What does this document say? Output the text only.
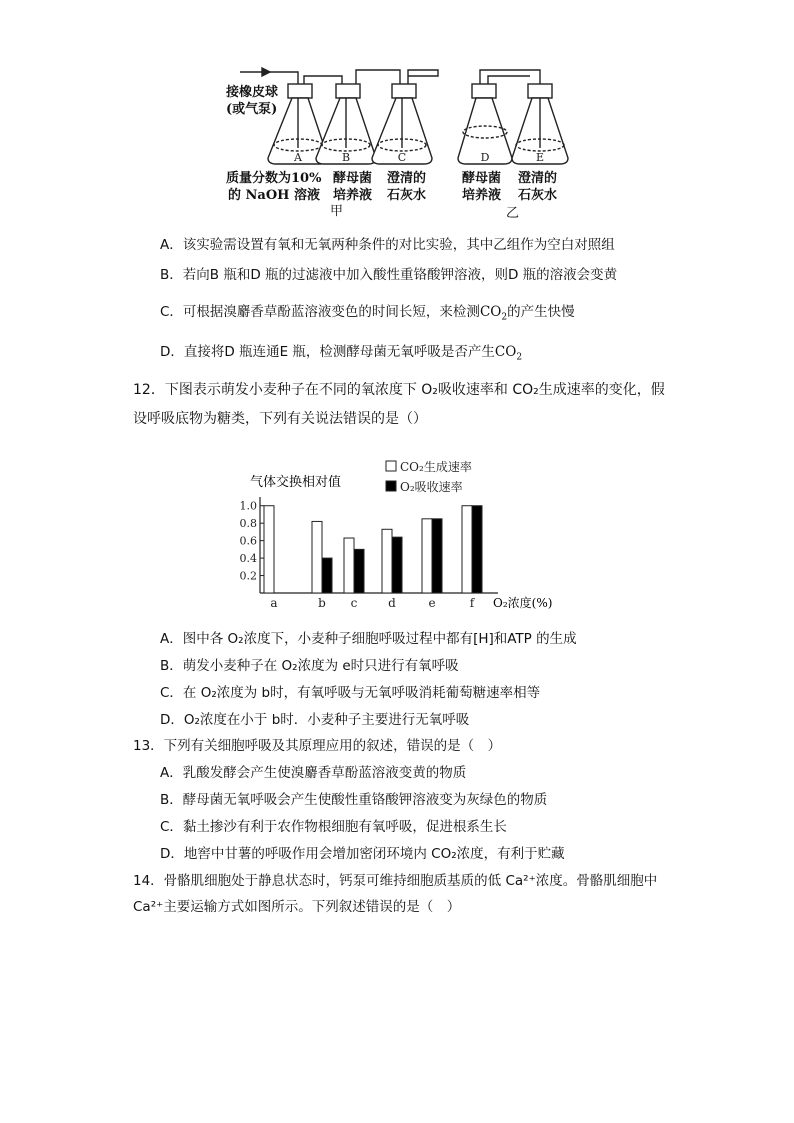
A	B	C	D	E
接橡皮球
(或气泵)
质量分数为10%
的 NaOH 溶液
酵母菌
培养液
澄清的
石灰水
酵母菌
培养液
澄清的
石灰水
甲	乙
A．该实验需设置有氧和无氧两种条件的对比实验，其中乙组作为空白对照组
B．若向B 瓶和D 瓶的过滤液中加入酸性重铬酸钾溶液，则D 瓶的溶液会变黄
C．可根据溴麝香草酚蓝溶液变色的时间长短，来检测$CO_2$的产生快慢
D．直接将D 瓶连通E 瓶，检测酵母菌无氧呼吸是否产生$CO_2$
12．下图表示萌发小麦种子在不同的氧浓度下 O₂吸收速率和 CO₂生成速率的变化，假
设呼吸底物为糖类，下列有关说法错误的是（）
气体交换相对值
CO₂生成速率
O₂吸收速率
0.2
0.4
0.6
0.8
1.0
a	b c	d	e	f O₂浓度(%)
A．图中各 O₂浓度下，小麦种子细胞呼吸过程中都有[H]和ATP 的生成
B．萌发小麦种子在 O₂浓度为 e时只进行有氧呼吸
C．在 O₂浓度为 b时，有氧呼吸与无氧呼吸消耗葡萄糖速率相等
D．O₂浓度在小于 b时．小麦种子主要进行无氧呼吸
13．下列有关细胞呼吸及其原理应用的叙述，错误的是（　）
A．乳酸发酵会产生使溴麝香草酚蓝溶液变黄的物质
B．酵母菌无氧呼吸会产生使酸性重铬酸钾溶液变为灰绿色的物质
C．黏土掺沙有利于农作物根细胞有氧呼吸，促进根系生长
D．地窖中甘薯的呼吸作用会增加密闭环境内 CO₂浓度，有利于贮藏
14．骨骼肌细胞处于静息状态时，钙泵可维持细胞质基质的低 Ca²⁺浓度。骨骼肌细胞中
Ca²⁺主要运输方式如图所示。下列叙述错误的是（　）
